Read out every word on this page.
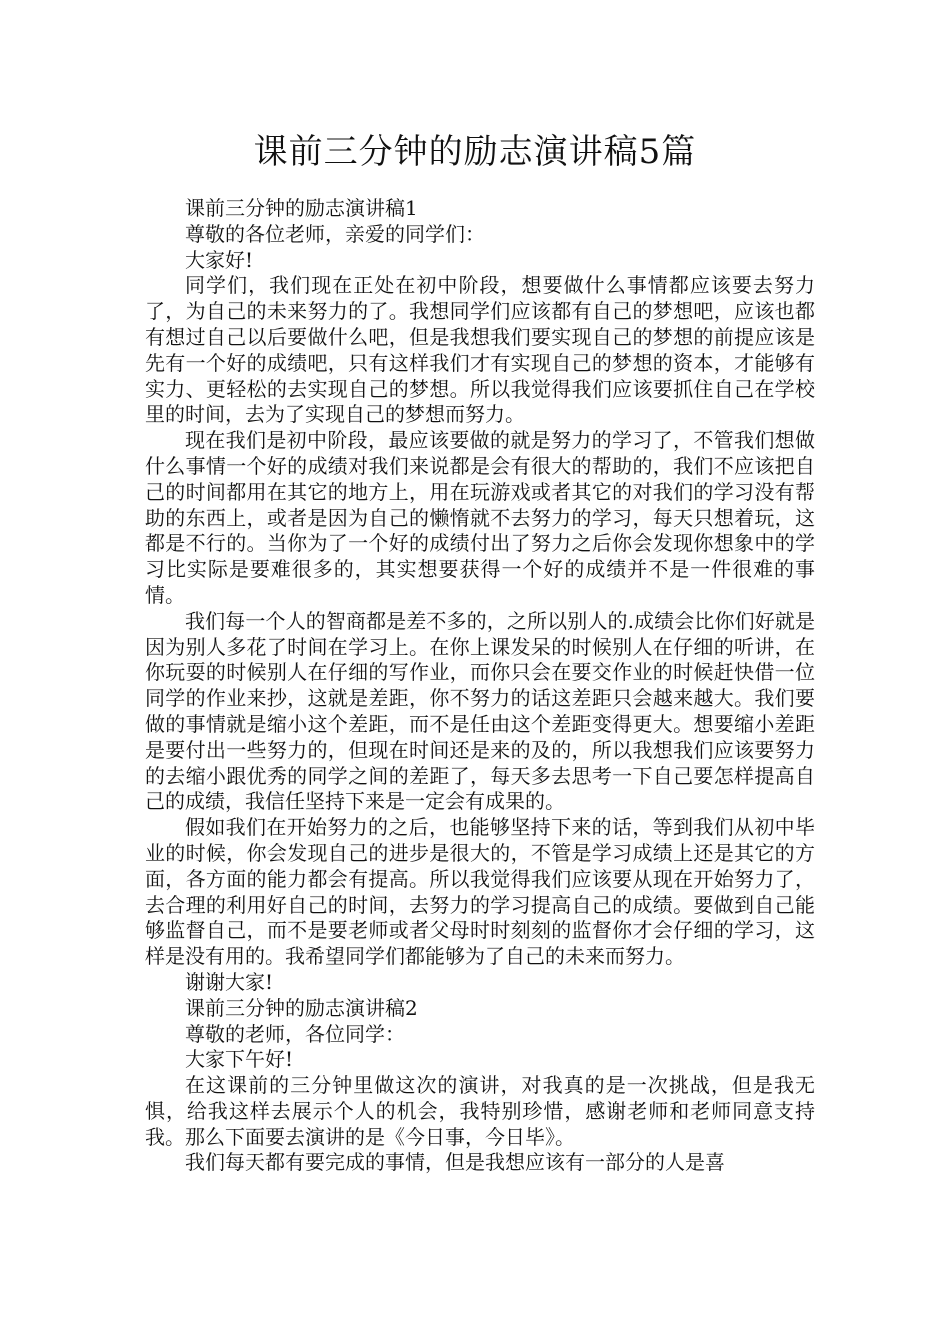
课前三分钟的励志演讲稿5篇

课前三分钟的励志演讲稿1

尊敬的各位老师，亲爱的同学们：

大家好!

同学们，我们现在正处在初中阶段，想要做什么事情都应该要去努力了，为自己的未来努力的了。我想同学们应该都有自己的梦想吧，应该也都有想过自己以后要做什么吧，但是我想我们要实现自己的梦想的前提应该是先有一个好的成绩吧，只有这样我们才有实现自己的梦想的资本，才能够有实力、更轻松的去实现自己的梦想。所以我觉得我们应该要抓住自己在学校里的时间，去为了实现自己的梦想而努力。

现在我们是初中阶段，最应该要做的就是努力的学习了，不管我们想做什么事情一个好的成绩对我们来说都是会有很大的帮助的，我们不应该把自己的时间都用在其它的地方上，用在玩游戏或者其它的对我们的学习没有帮助的东西上，或者是因为自己的懒惰就不去努力的学习，每天只想着玩，这都是不行的。当你为了一个好的成绩付出了努力之后你会发现你想象中的学习比实际是要难很多的，其实想要获得一个好的成绩并不是一件很难的事情。

我们每一个人的智商都是差不多的，之所以别人的.成绩会比你们好就是因为别人多花了时间在学习上。在你上课发呆的时候别人在仔细的听讲，在你玩耍的时候别人在仔细的写作业，而你只会在要交作业的时候赶快借一位同学的作业来抄，这就是差距，你不努力的话这差距只会越来越大。我们要做的事情就是缩小这个差距，而不是任由这个差距变得更大。想要缩小差距是要付出一些努力的，但现在时间还是来的及的，所以我想我们应该要努力的去缩小跟优秀的同学之间的差距了，每天多去思考一下自己要怎样提高自己的成绩，我信任坚持下来是一定会有成果的。

假如我们在开始努力的之后，也能够坚持下来的话，等到我们从初中毕业的时候，你会发现自己的进步是很大的，不管是学习成绩上还是其它的方面，各方面的能力都会有提高。所以我觉得我们应该要从现在开始努力了，去合理的利用好自己的时间，去努力的学习提高自己的成绩。要做到自己能够监督自己，而不是要老师或者父母时时刻刻的监督你才会仔细的学习，这样是没有用的。我希望同学们都能够为了自己的未来而努力。

谢谢大家!

课前三分钟的励志演讲稿2

尊敬的老师，各位同学：

大家下午好!

在这课前的三分钟里做这次的演讲，对我真的是一次挑战，但是我无惧，给我这样去展示个人的机会，我特别珍惜，感谢老师和老师同意支持我。那么下面要去演讲的是《今日事，今日毕》。

我们每天都有要完成的事情，但是我想应该有一部分的人是喜
